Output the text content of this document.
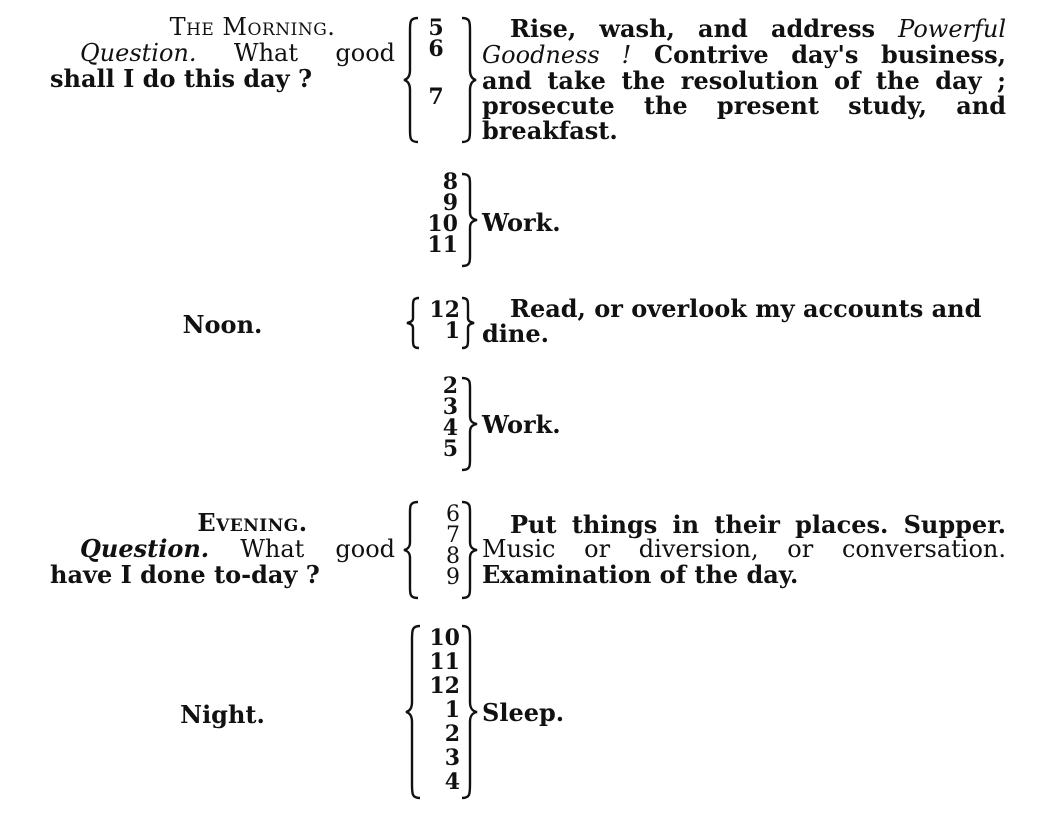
The Morning.
Question. What good
shall I do this day ?
5
6
7
Rise, wash, and address Powerful
Goodness ! Contrive day's business,
and take the resolution of the day ;
prosecute the present study, and
breakfast.
8
9
10
11
Work.
Noon.	12
1
Read, or overlook my accounts and
dine.
2
3
4
5
Work.
Evening.
Question. What good
have I done to-day ?
6
7
8
9
Put things in their places. Supper.
Music or diversion, or conversation.
Examination of the day.
Night.
10
11
12
1
2
3
4
Sleep.
